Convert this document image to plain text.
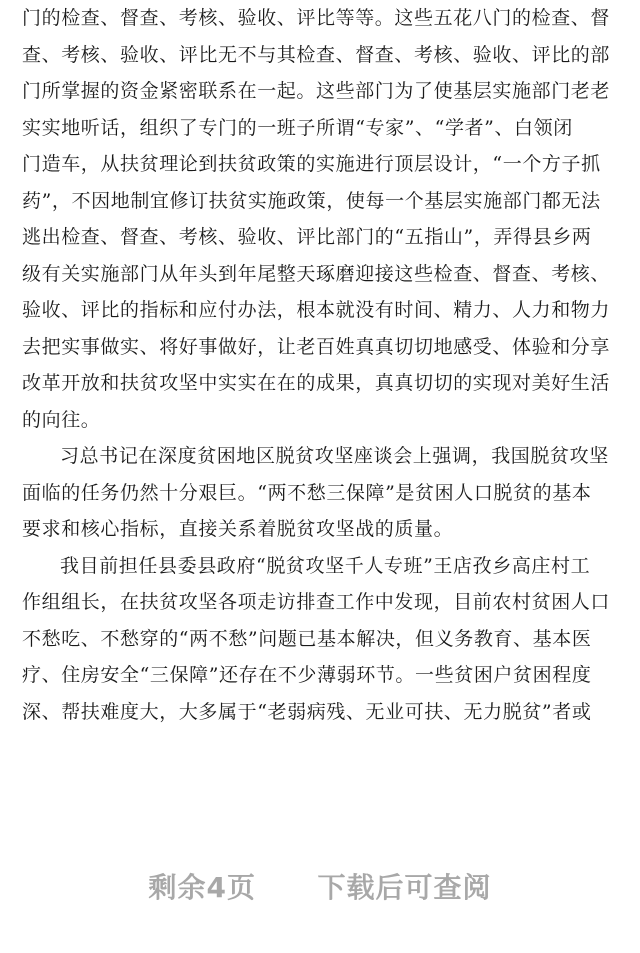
门的检查、督查、考核、验收、评比等等。这些五花八门的检查、督
查、考核、验收、评比无不与其检查、督查、考核、验收、评比的部
门所掌握的资金紧密联系在一起。这些部门为了使基层实施部门老老
实实地听话，组织了专门的一班子所谓“专家”、“学者”、白领闭
门造车，从扶贫理论到扶贫政策的实施进行顶层设计，“一个方子抓
药”，不因地制宜修订扶贫实施政策，使每一个基层实施部门都无法
逃出检查、督查、考核、验收、评比部门的“五指山”，弄得县乡两
级有关实施部门从年头到年尾整天琢磨迎接这些检查、督查、考核、
验收、评比的指标和应付办法，根本就没有时间、精力、人力和物力
去把实事做实、将好事做好，让老百姓真真切切地感受、体验和分享
改革开放和扶贫攻坚中实实在在的成果，真真切切的实现对美好生活
的向往。
习总书记在深度贫困地区脱贫攻坚座谈会上强调，我国脱贫攻坚
面临的任务仍然十分艰巨。“两不愁三保障”是贫困人口脱贫的基本
要求和核心指标，直接关系着脱贫攻坚战的质量。
我目前担任县委县政府“脱贫攻坚千人专班”王店孜乡高庄村工
作组组长，在扶贫攻坚各项走访排查工作中发现，目前农村贫困人口
不愁吃、不愁穿的“两不愁”问题已基本解决，但义务教育、基本医
疗、住房安全“三保障”还存在不少薄弱环节。一些贫困户贫困程度
深、帮扶难度大，大多属于“老弱病残、无业可扶、无力脱贫”者或
剩余4页 下载后可查阅
